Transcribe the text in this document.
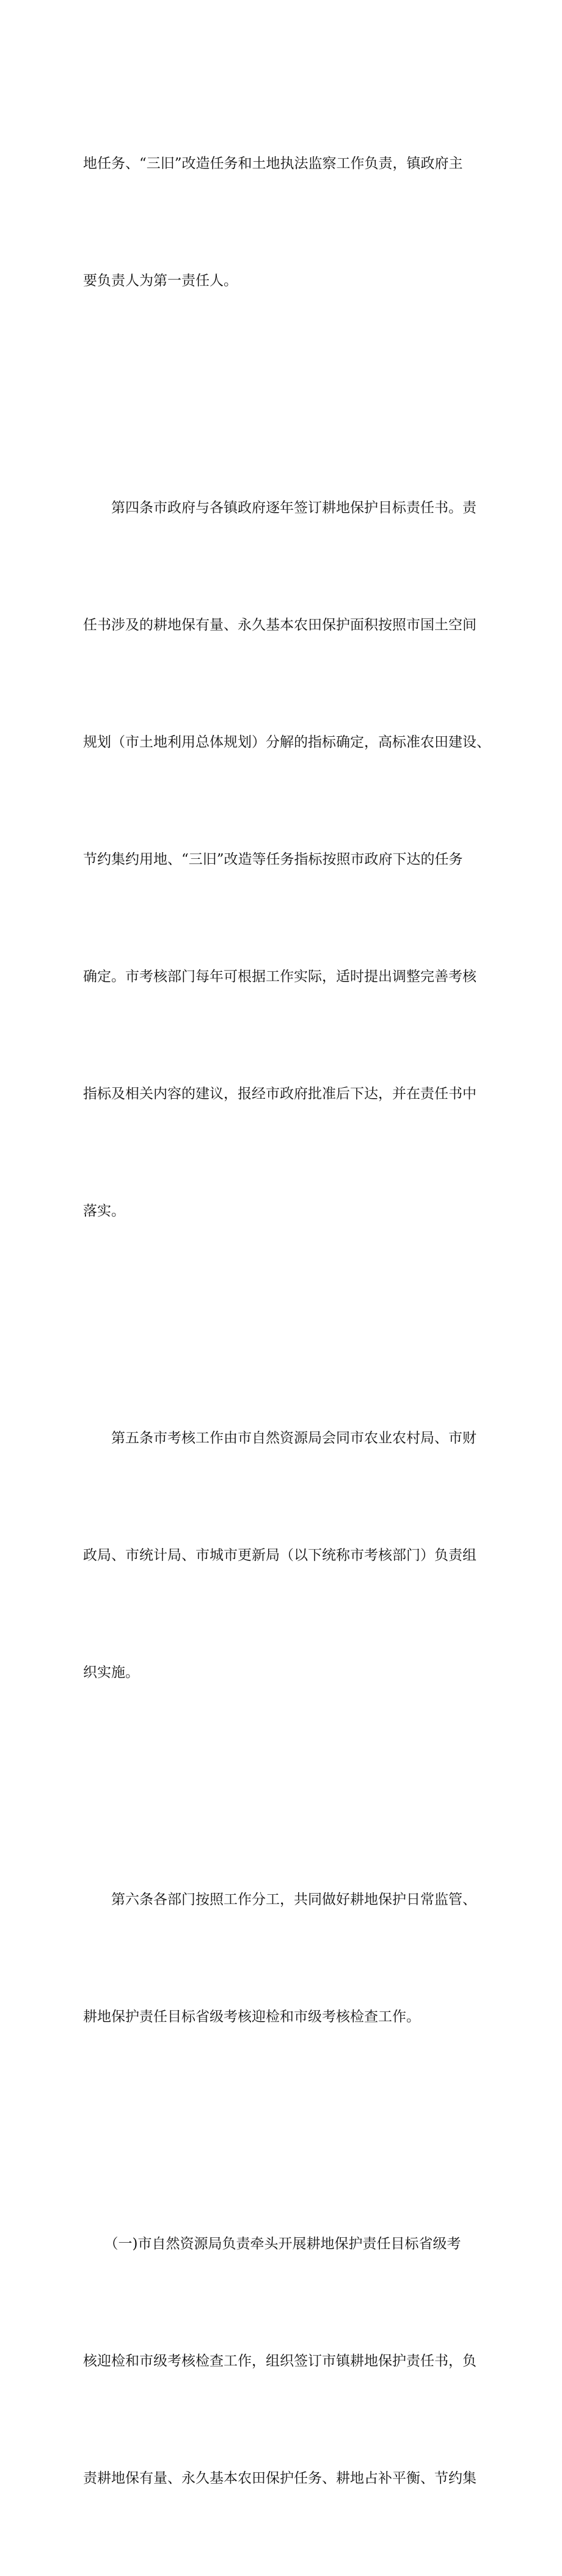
地任务、“三旧”改造任务和土地执法监察工作负责，镇政府主

要负责人为第一责任人。

　　第四条市政府与各镇政府逐年签订耕地保护目标责任书。责

任书涉及的耕地保有量、永久基本农田保护面积按照市国土空间

规划（市土地利用总体规划）分解的指标确定，高标准农田建设、

节约集约用地、“三旧”改造等任务指标按照市政府下达的任务

确定。市考核部门每年可根据工作实际，适时提出调整完善考核

指标及相关内容的建议，报经市政府批准后下达，并在责任书中

落实。

　　第五条市考核工作由市自然资源局会同市农业农村局、市财

政局、市统计局、市城市更新局（以下统称市考核部门）负责组

织实施。

　　第六条各部门按照工作分工，共同做好耕地保护日常监管、

耕地保护责任目标省级考核迎检和市级考核检查工作。

　　（一)市自然资源局负责牵头开展耕地保护责任目标省级考

核迎检和市级考核检查工作，组织签订市镇耕地保护责任书，负

责耕地保有量、永久基本农田保护任务、耕地占补平衡、节约集
